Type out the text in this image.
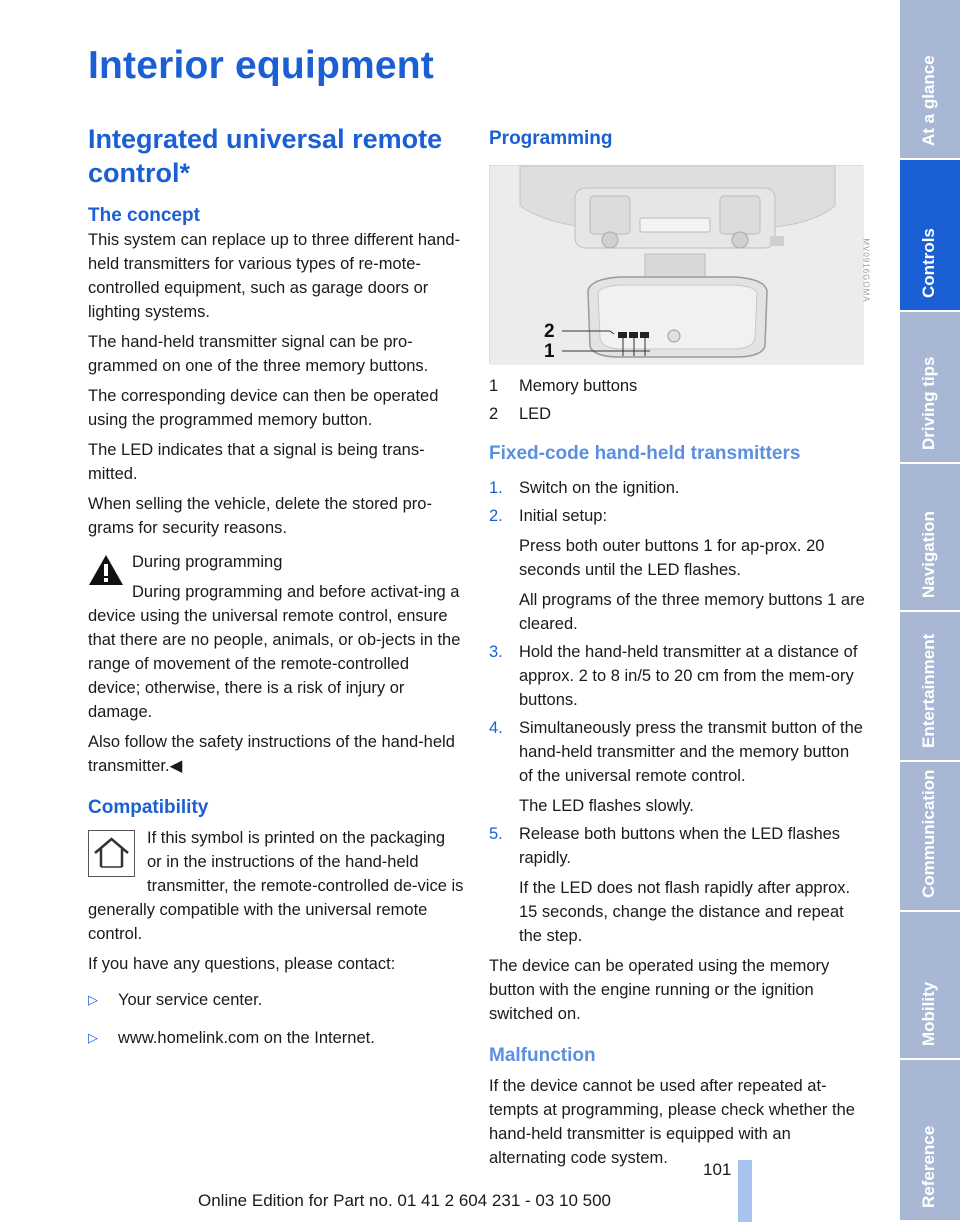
Interior equipment
Integrated universal remote control*
The concept

This system can replace up to three different hand-held transmitters for various types of re-mote-controlled equipment, such as garage doors or lighting systems.

The hand-held transmitter signal can be pro-grammed on one of the three memory buttons.

The corresponding device can then be operated using the programmed memory button.

The LED indicates that a signal is being trans-mitted.

When selling the vehicle, delete the stored pro-grams for security reasons.

During programming

During programming and before activat-ing a device using the universal remote control, ensure that there are no people, animals, or ob-jects in the range of movement of the remote-controlled device; otherwise, there is a risk of injury or damage.

Also follow the safety instructions of the hand-held transmitter.◀

Compatibility

If this symbol is printed on the packaging or in the instructions of the hand-held transmitter, the remote-controlled de-vice is generally compatible with the universal remote control.

If you have any questions, please contact:

▷ Your service center.
▷ www.homelink.com on the Internet.
Programming
2
1
MV0916GOMA
1	Memory buttons
2	LED
Fixed-code hand-held transmitters
1. Switch on the ignition.

2. Initial setup:

Press both outer buttons 1 for ap-prox. 20 seconds until the LED flashes.

All programs of the three memory buttons 1 are cleared.

3. Hold the hand-held transmitter at a distance of approx. 2 to 8 in/5 to 20 cm from the mem-ory buttons.

4. Simultaneously press the transmit button of the hand-held transmitter and the memory button of the universal remote control.

The LED flashes slowly.

5. Release both buttons when the LED flashes rapidly.

If the LED does not flash rapidly after approx. 15 seconds, change the distance and repeat the step.

The device can be operated using the memory button with the engine running or the ignition switched on.

Malfunction

If the device cannot be used after repeated at-tempts at programming, please check whether the hand-held transmitter is equipped with an alternating code system.

At a glance
Controls
Driving tips
Navigation
Entertainment
Communication
Mobility
Reference
101
Online Edition for Part no. 01 41 2 604 231 - 03 10 500
